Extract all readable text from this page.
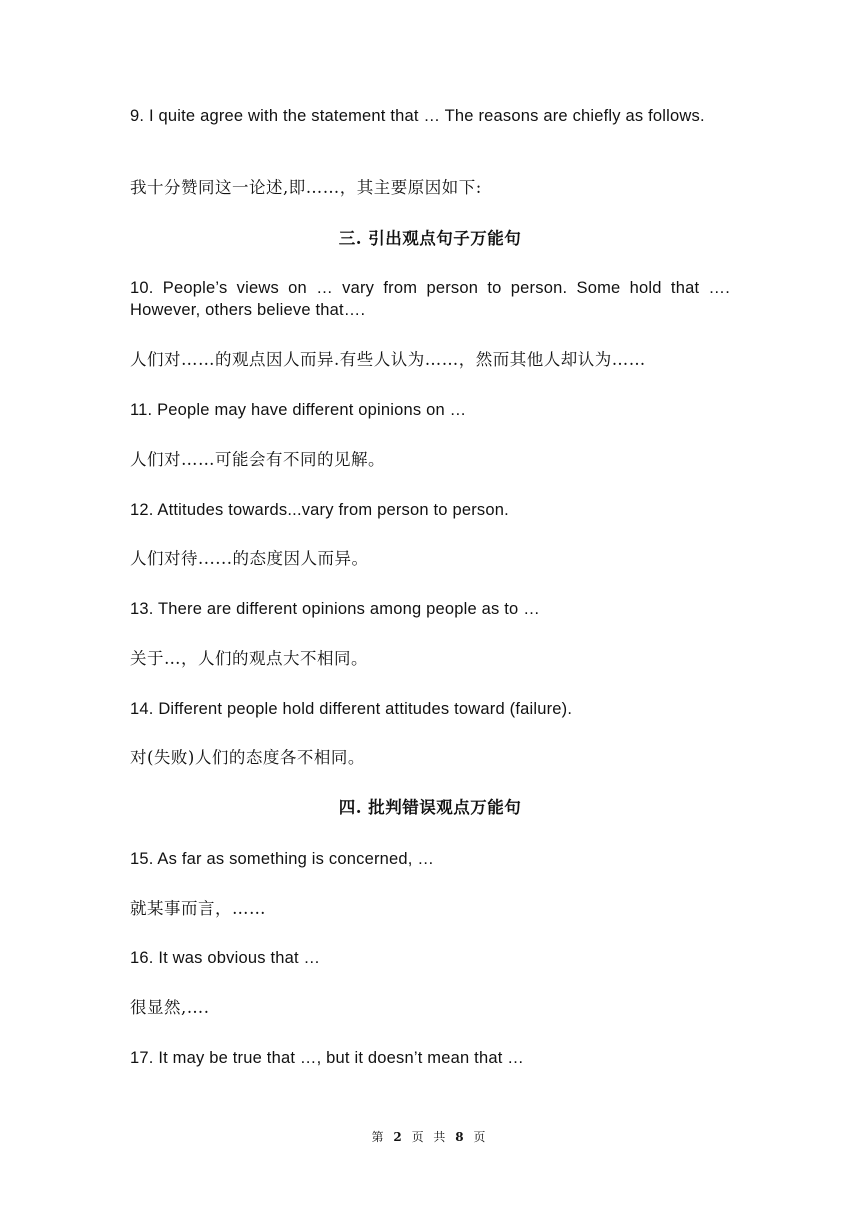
9. I quite agree with the statement that … The reasons are chiefly as follows.
我十分赞同这一论述,即……，其主要原因如下:
三. 引出观点句子万能句
10. People’s views on … vary from person to person. Some hold that …. However, others believe that….
人们对……的观点因人而异.有些人认为……，然而其他人却认为……
11. People may have different opinions on …
人们对……可能会有不同的见解。
12. Attitudes towards...vary from person to person.
人们对待......的态度因人而异。
13. There are different opinions among people as to …
关于…，人们的观点大不相同。
14. Different people hold different attitudes toward (failure).
对(失败)人们的态度各不相同。
四. 批判错误观点万能句
15. As far as something is concerned, …
就某事而言，……
16. It was obvious that …
很显然,….
17. It may be true that …, but it doesn’t mean that …
第 2 页 共 8 页
